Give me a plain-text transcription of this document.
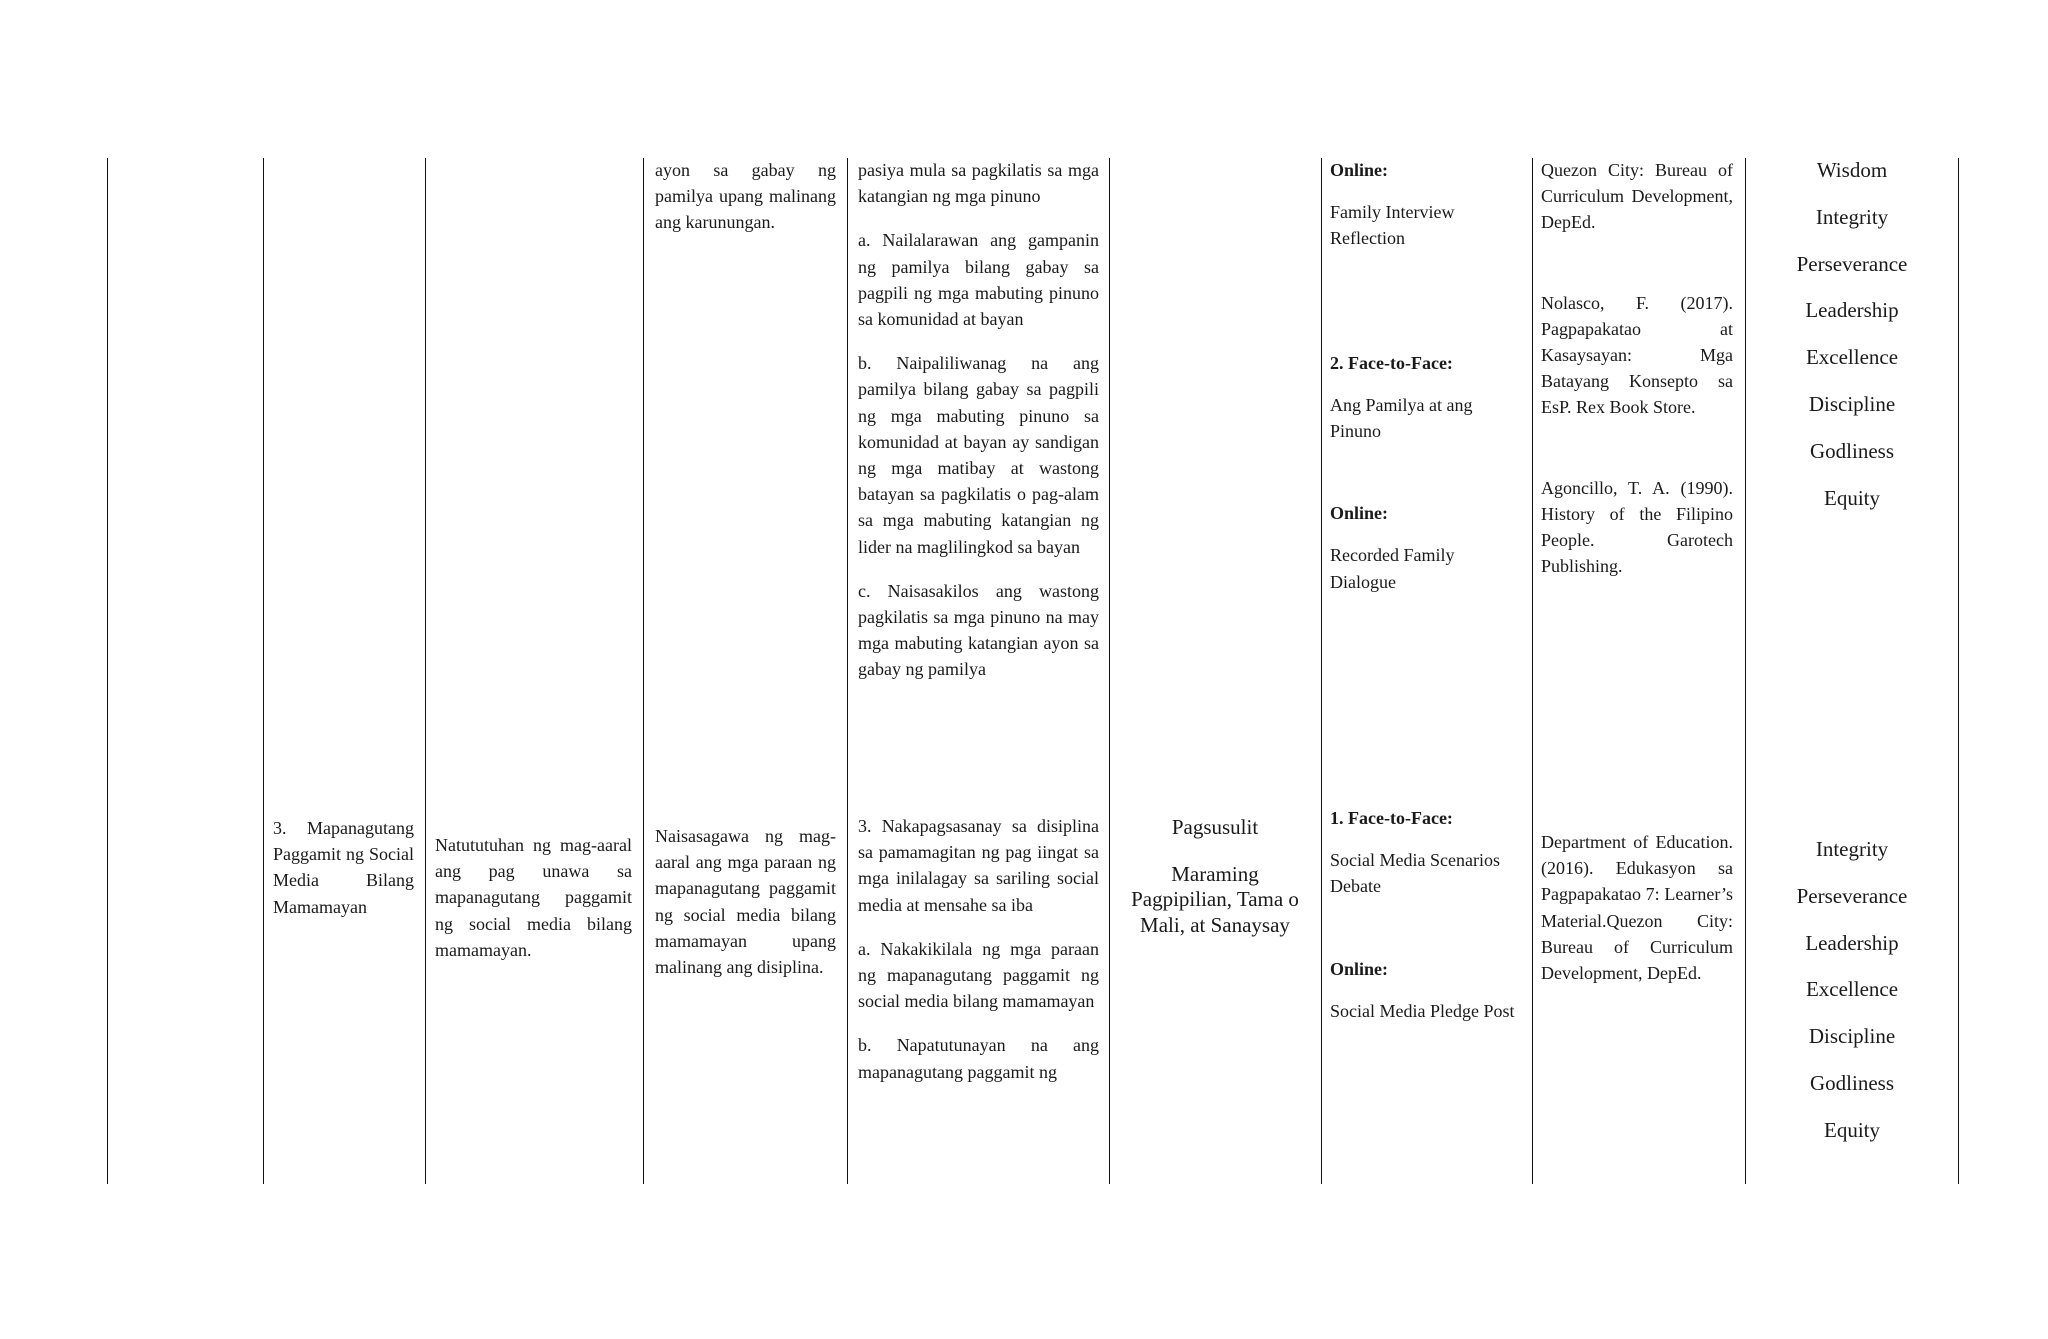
ayon sa gabay ng pamilya upang malinang ang karunungan.

pasiya mula sa pagkilatis sa mga katangian ng mga pinuno

a. Nailalarawan ang gampanin ng pamilya bilang gabay sa pagpili ng mga mabuting pinuno sa komunidad at bayan

b. Naipaliliwanag na ang pamilya bilang gabay sa pagpili ng mga mabuting pinuno sa komunidad at bayan ay sandigan ng mga matibay at wastong batayan sa pagkilatis o pag-alam sa mga mabuting katangian ng lider na maglilingkod sa bayan

c. Naisasakilos ang wastong pagkilatis sa mga pinuno na may mga mabuting katangian ayon sa gabay ng pamilya

Online:

Family Interview Reflection

2. Face-to-Face:

Ang Pamilya at ang Pinuno

Online:

Recorded Family Dialogue

Quezon City: Bureau of Curriculum Development, DepEd.

Nolasco, F. (2017). Pagpapakatao at Kasaysayan: Mga Batayang Konsepto sa EsP. Rex Book Store.

Agoncillo, T. A. (1990). History of the Filipino People. Garotech Publishing.

Wisdom

Integrity

Perseverance

Leadership

Excellence

Discipline

Godliness

Equity

3. Mapanagutang Paggamit ng Social Media Bilang Mamamayan

Natututuhan ng mag-aaral ang pag unawa sa mapanagutang paggamit ng social media bilang mamamayan.

Naisasagawa ng mag-aaral ang mga paraan ng mapanagutang paggamit ng social media bilang mamamayan upang malinang ang disiplina.

3. Nakapagsasanay sa disiplina sa pamamagitan ng pag iingat sa mga inilalagay sa sariling social media at mensahe sa iba

a. Nakakikilala ng mga paraan ng mapanagutang paggamit ng social media bilang mamamayan

b. Napatutunayan na ang mapanagutang paggamit ng

Pagsusulit

Maraming Pagpipilian, Tama o Mali, at Sanaysay

1. Face-to-Face:

Social Media Scenarios Debate

Online:

Social Media Pledge Post

Department of Education. (2016). Edukasyon sa Pagpapakatao 7: Learner’s Material.Quezon City: Bureau of Curriculum Development, DepEd.

Integrity

Perseverance

Leadership

Excellence

Discipline

Godliness

Equity
